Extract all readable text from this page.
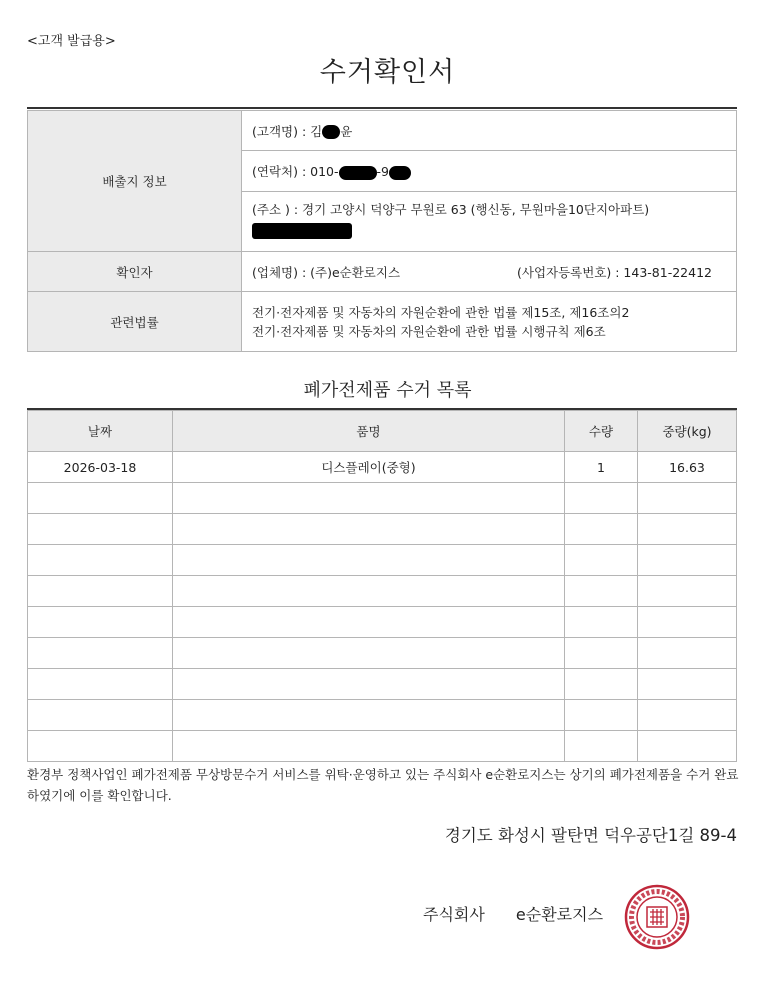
<고객 발급용>
수거확인서
배출지 정보	(고객명) : 김 윤
	(연락처) : 010- -9

	(주소 ) : 경기 고양시 덕양구 무원로 63 (행신동, 무원마을10단지아파트)

확인자	(업체명) : (주)e순환로지스 (사업자등록번호) : 143-81-22412

관련법률	전기·전자제품 및 자동차의 자원순환에 관한 법률 제15조, 제16조의2
전기·전자제품 및 자동차의 자원순환에 관한 법률 시행규칙 제6조
폐가전제품 수거 목록
날짜	품명	수량	중량(kg)
2026-03-18	디스플레이(중형)	1	16.63

환경부 정책사업인 폐가전제품 무상방문수거 서비스를 위탁·운영하고 있는 주식회사 e순환로지스는 상기의 폐가전제품을 수거 완료하였기에 이를 확인합니다.
경기도 화성시 팔탄면 덕우공단1길 89-4
주식회사 e순환로지스
